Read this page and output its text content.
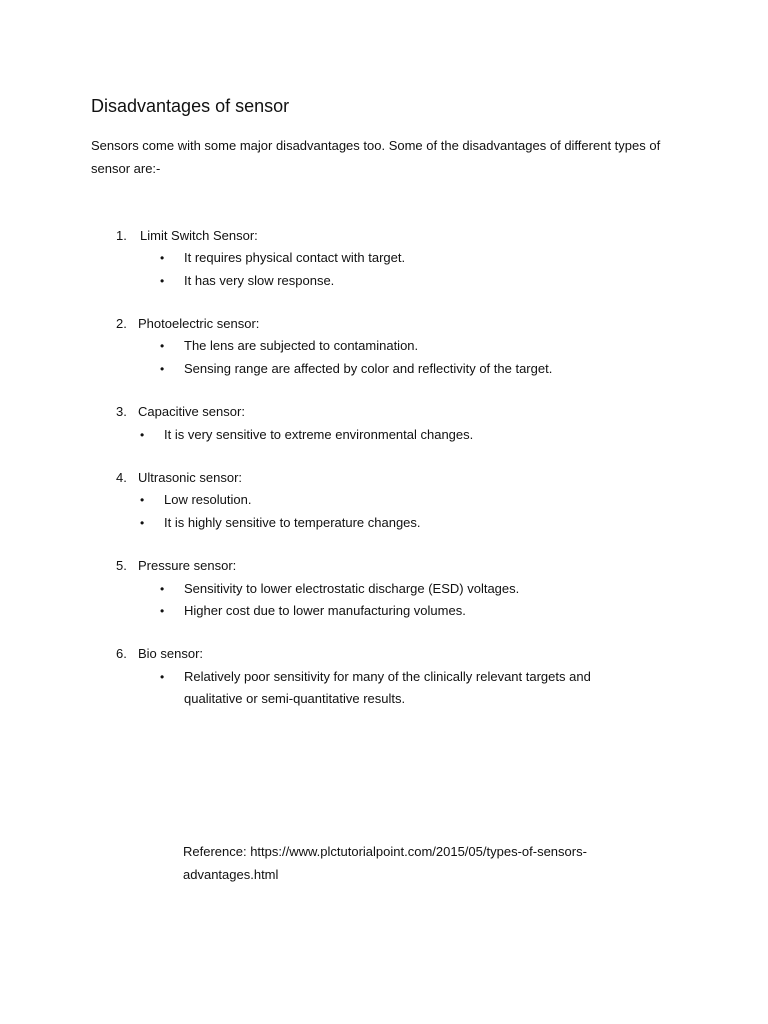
Disadvantages of sensor
Sensors come with some major disadvantages too. Some of the disadvantages of different types of sensor are:-
1. Limit Switch Sensor:
•	It requires physical contact with target.
•	It has very slow response.
2. Photoelectric sensor:
•	The lens are subjected to contamination.
•	Sensing range are affected by color and reflectivity of the target.
3. Capacitive sensor:
•	It is very sensitive to extreme environmental changes.
4. Ultrasonic sensor:
•	Low resolution.
•	It is highly sensitive to temperature changes.
5. Pressure sensor:
•	Sensitivity to lower electrostatic discharge (ESD) voltages.
•	Higher cost due to lower manufacturing volumes.
6. Bio sensor:
•	Relatively poor sensitivity for many of the clinically relevant targets and
qualitative or semi-quantitative results.
Reference: https://www.plctutorialpoint.com/2015/05/types-of-sensors-advantages.html
